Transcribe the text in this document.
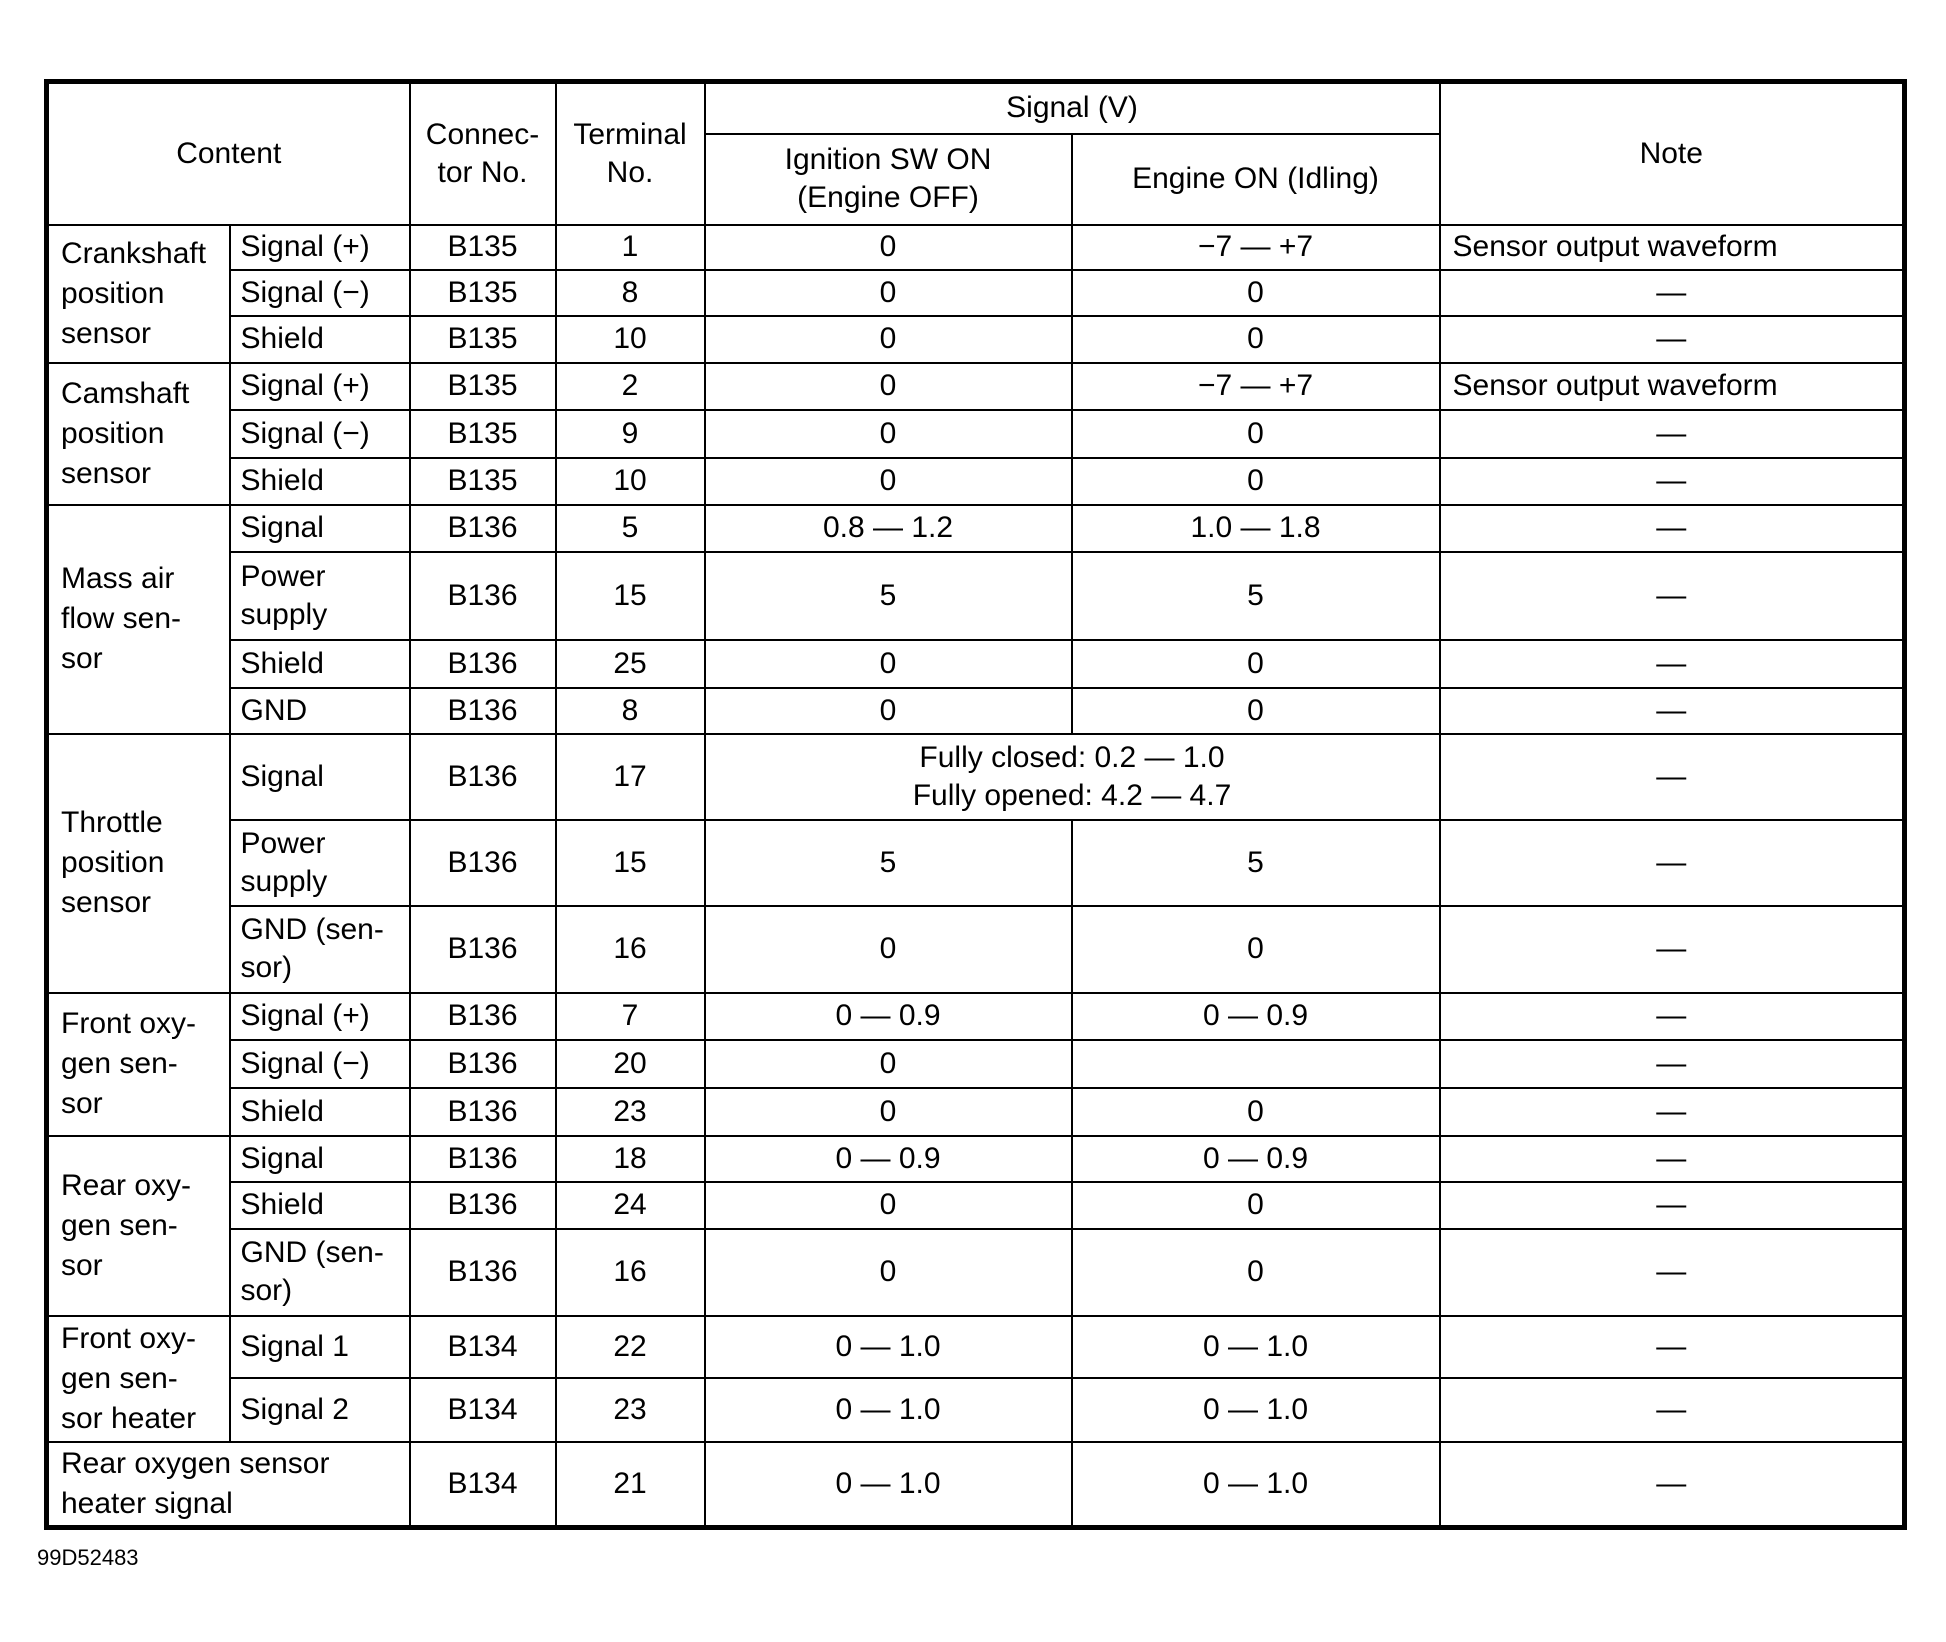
Content		Connec-
tor No.	Terminal
No.	Signal (V)		Note
				Ignition SW ON
(Engine OFF)	Engine ON (Idling)	
Crankshaft
position
sensor	Signal (+)	B135	1	0	−7 — +7	Sensor output waveform
	Signal (−)	B135	8	0	0	—
	Shield	B135	10	0	0	—
Camshaft
position
sensor	Signal (+)	B135	2	0	−7 — +7	Sensor output waveform
	Signal (−)	B135	9	0	0	—
	Shield	B135	10	0	0	—
Mass air
flow sen-
sor	Signal	B136	5	0.8 — 1.2	1.0 — 1.8	—
	Power
supply	B136	15	5	5	—
	Shield	B136	25	0	0	—
	GND	B136	8	0	0	—
Throttle
position
sensor	Signal	B136	17	Fully closed: 0.2 — 1.0
Fully opened: 4.2 — 4.7		—
	Power
supply	B136	15	5	5	—
	GND (sen-
sor)	B136	16	0	0	—
Front oxy-
gen sen-
sor	Signal (+)	B136	7	0 — 0.9	0 — 0.9	—
	Signal (−)	B136	20	0		—
	Shield	B136	23	0	0	—
Rear oxy-
gen sen-
sor	Signal	B136	18	0 — 0.9	0 — 0.9	—
	Shield	B136	24	0	0	—
	GND (sen-
sor)	B136	16	0	0	—
Front oxy-
gen sen-
sor heater	Signal 1	B134	22	0 — 1.0	0 — 1.0	—
	Signal 2	B134	23	0 — 1.0	0 — 1.0	—
Rear oxygen sensor
heater signal		B134	21	0 — 1.0	0 — 1.0	—
99D52483
